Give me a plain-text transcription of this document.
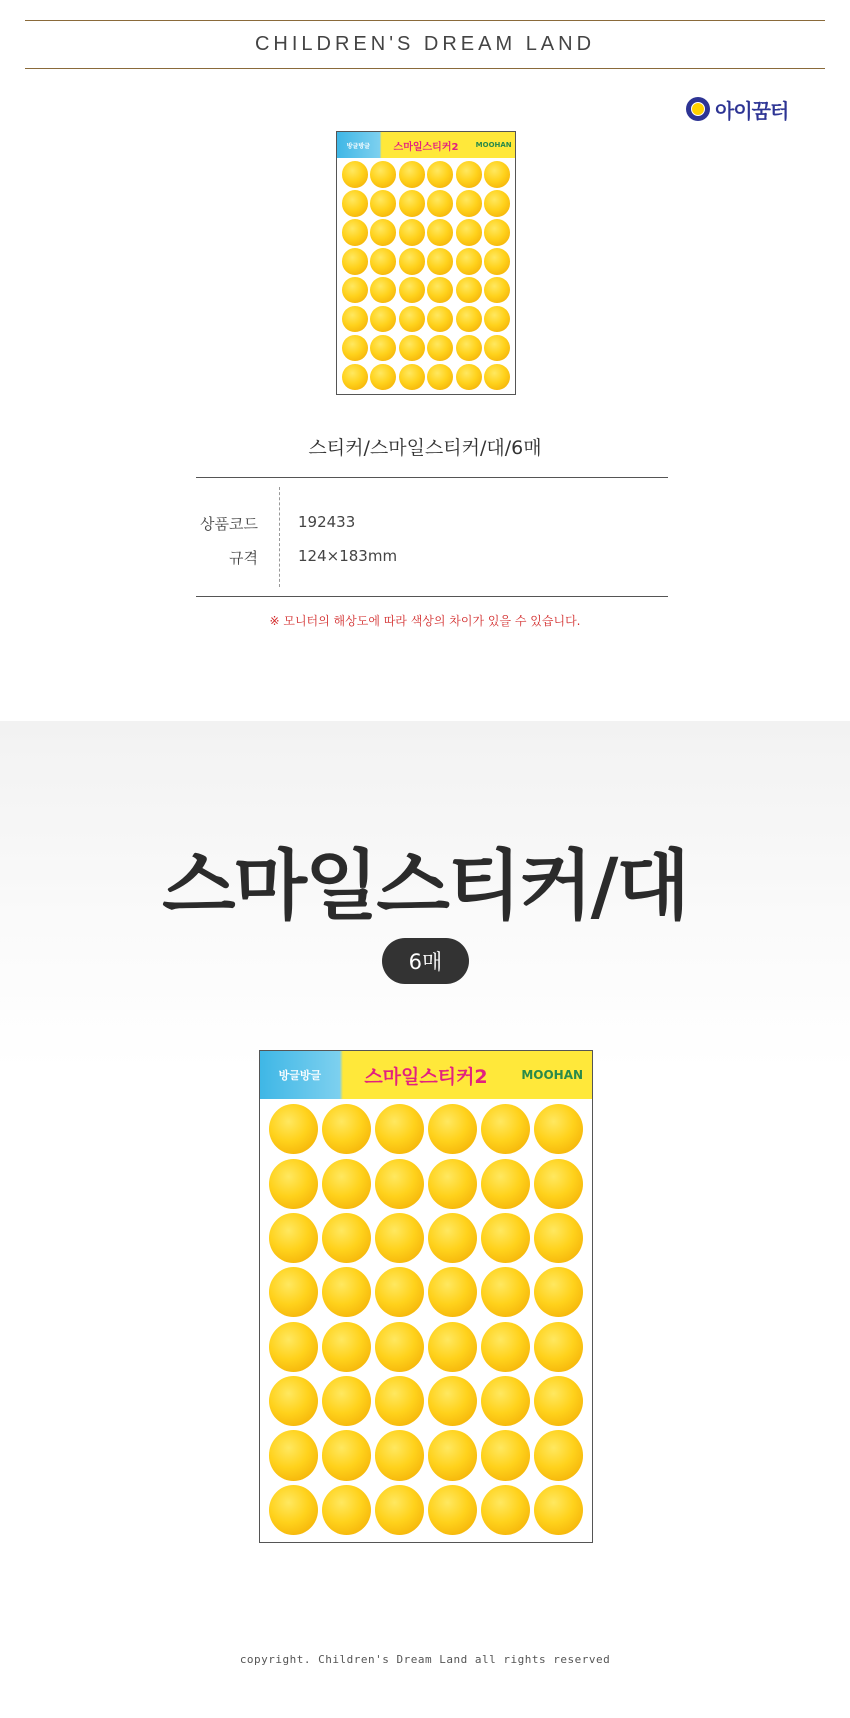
CHILDREN'S DREAM LAND
아이꿈터
방글방글	스마일스티커2	MOOHAN
스티커/스마일스티커/대/6매
상품코드	192433
규격	124×183mm
※ 모니터의 해상도에 따라 색상의 차이가 있을 수 있습니다.
스마일스티커/대
6매
방글방글	스마일스티커2	MOOHAN
copyright. Children's Dream Land all rights reserved
